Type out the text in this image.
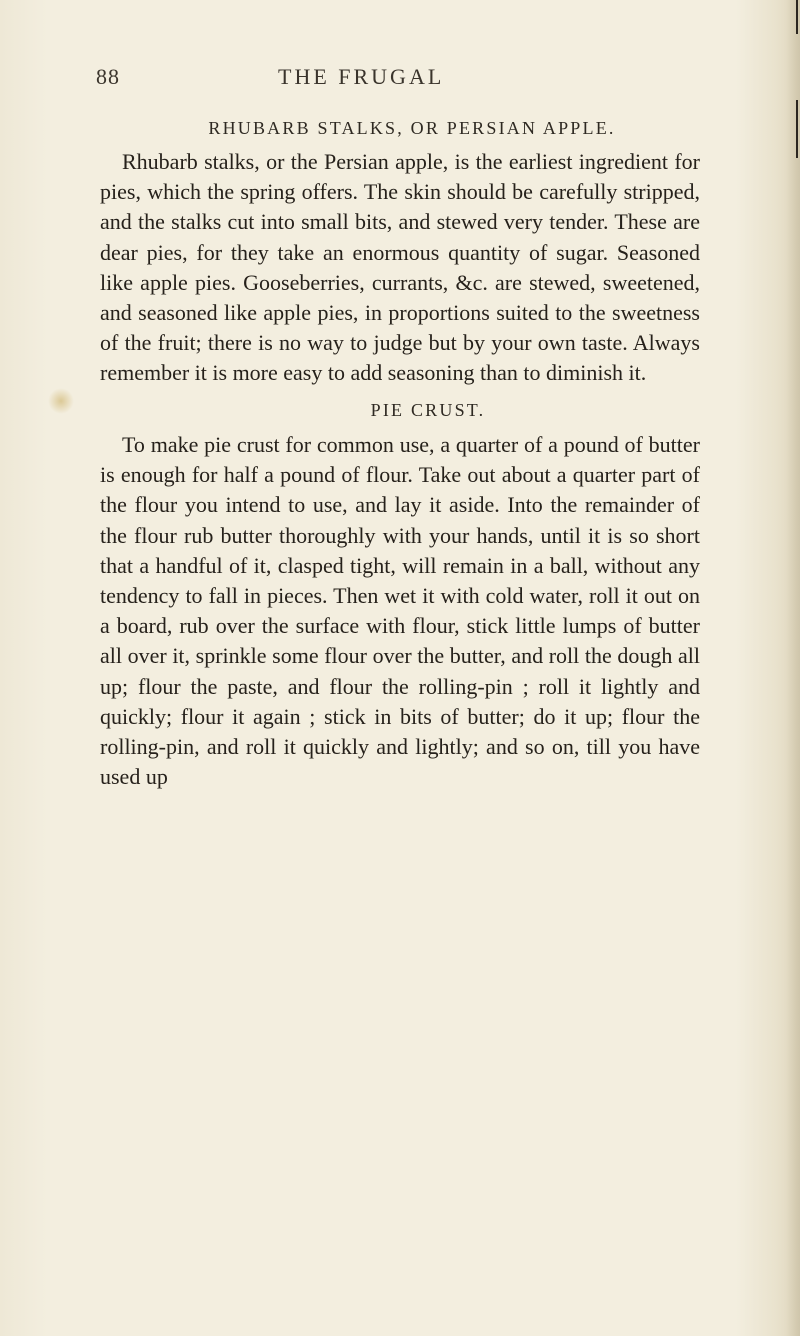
88	THE FRUGAL
RHUBARB STALKS, OR PERSIAN APPLE.
Rhubarb stalks, or the Persian apple, is the earliest ingredient for pies, which the spring offers. The skin should be carefully stripped, and the stalks cut into small bits, and stewed very tender. These are dear pies, for they take an enormous quantity of sugar. Seasoned like apple pies. Gooseberries, currants, &c. are stewed, sweetened, and seasoned like apple pies, in proportions suited to the sweetness of the fruit; there is no way to judge but by your own taste. Always remember it is more easy to add seasoning than to diminish it.
PIE CRUST.
To make pie crust for common use, a quarter of a pound of butter is enough for half a pound of flour. Take out about a quarter part of the flour you intend to use, and lay it aside. Into the remainder of the flour rub butter thoroughly with your hands, until it is so short that a handful of it, clasped tight, will remain in a ball, without any tendency to fall in pieces. Then wet it with cold water, roll it out on a board, rub over the surface with flour, stick little lumps of butter all over it, sprinkle some flour over the butter, and roll the dough all up; flour the paste, and flour the rolling-pin ; roll it lightly and quickly; flour it again ; stick in bits of butter; do it up; flour the rolling-pin, and roll it quickly and lightly; and so on, till you have used up
